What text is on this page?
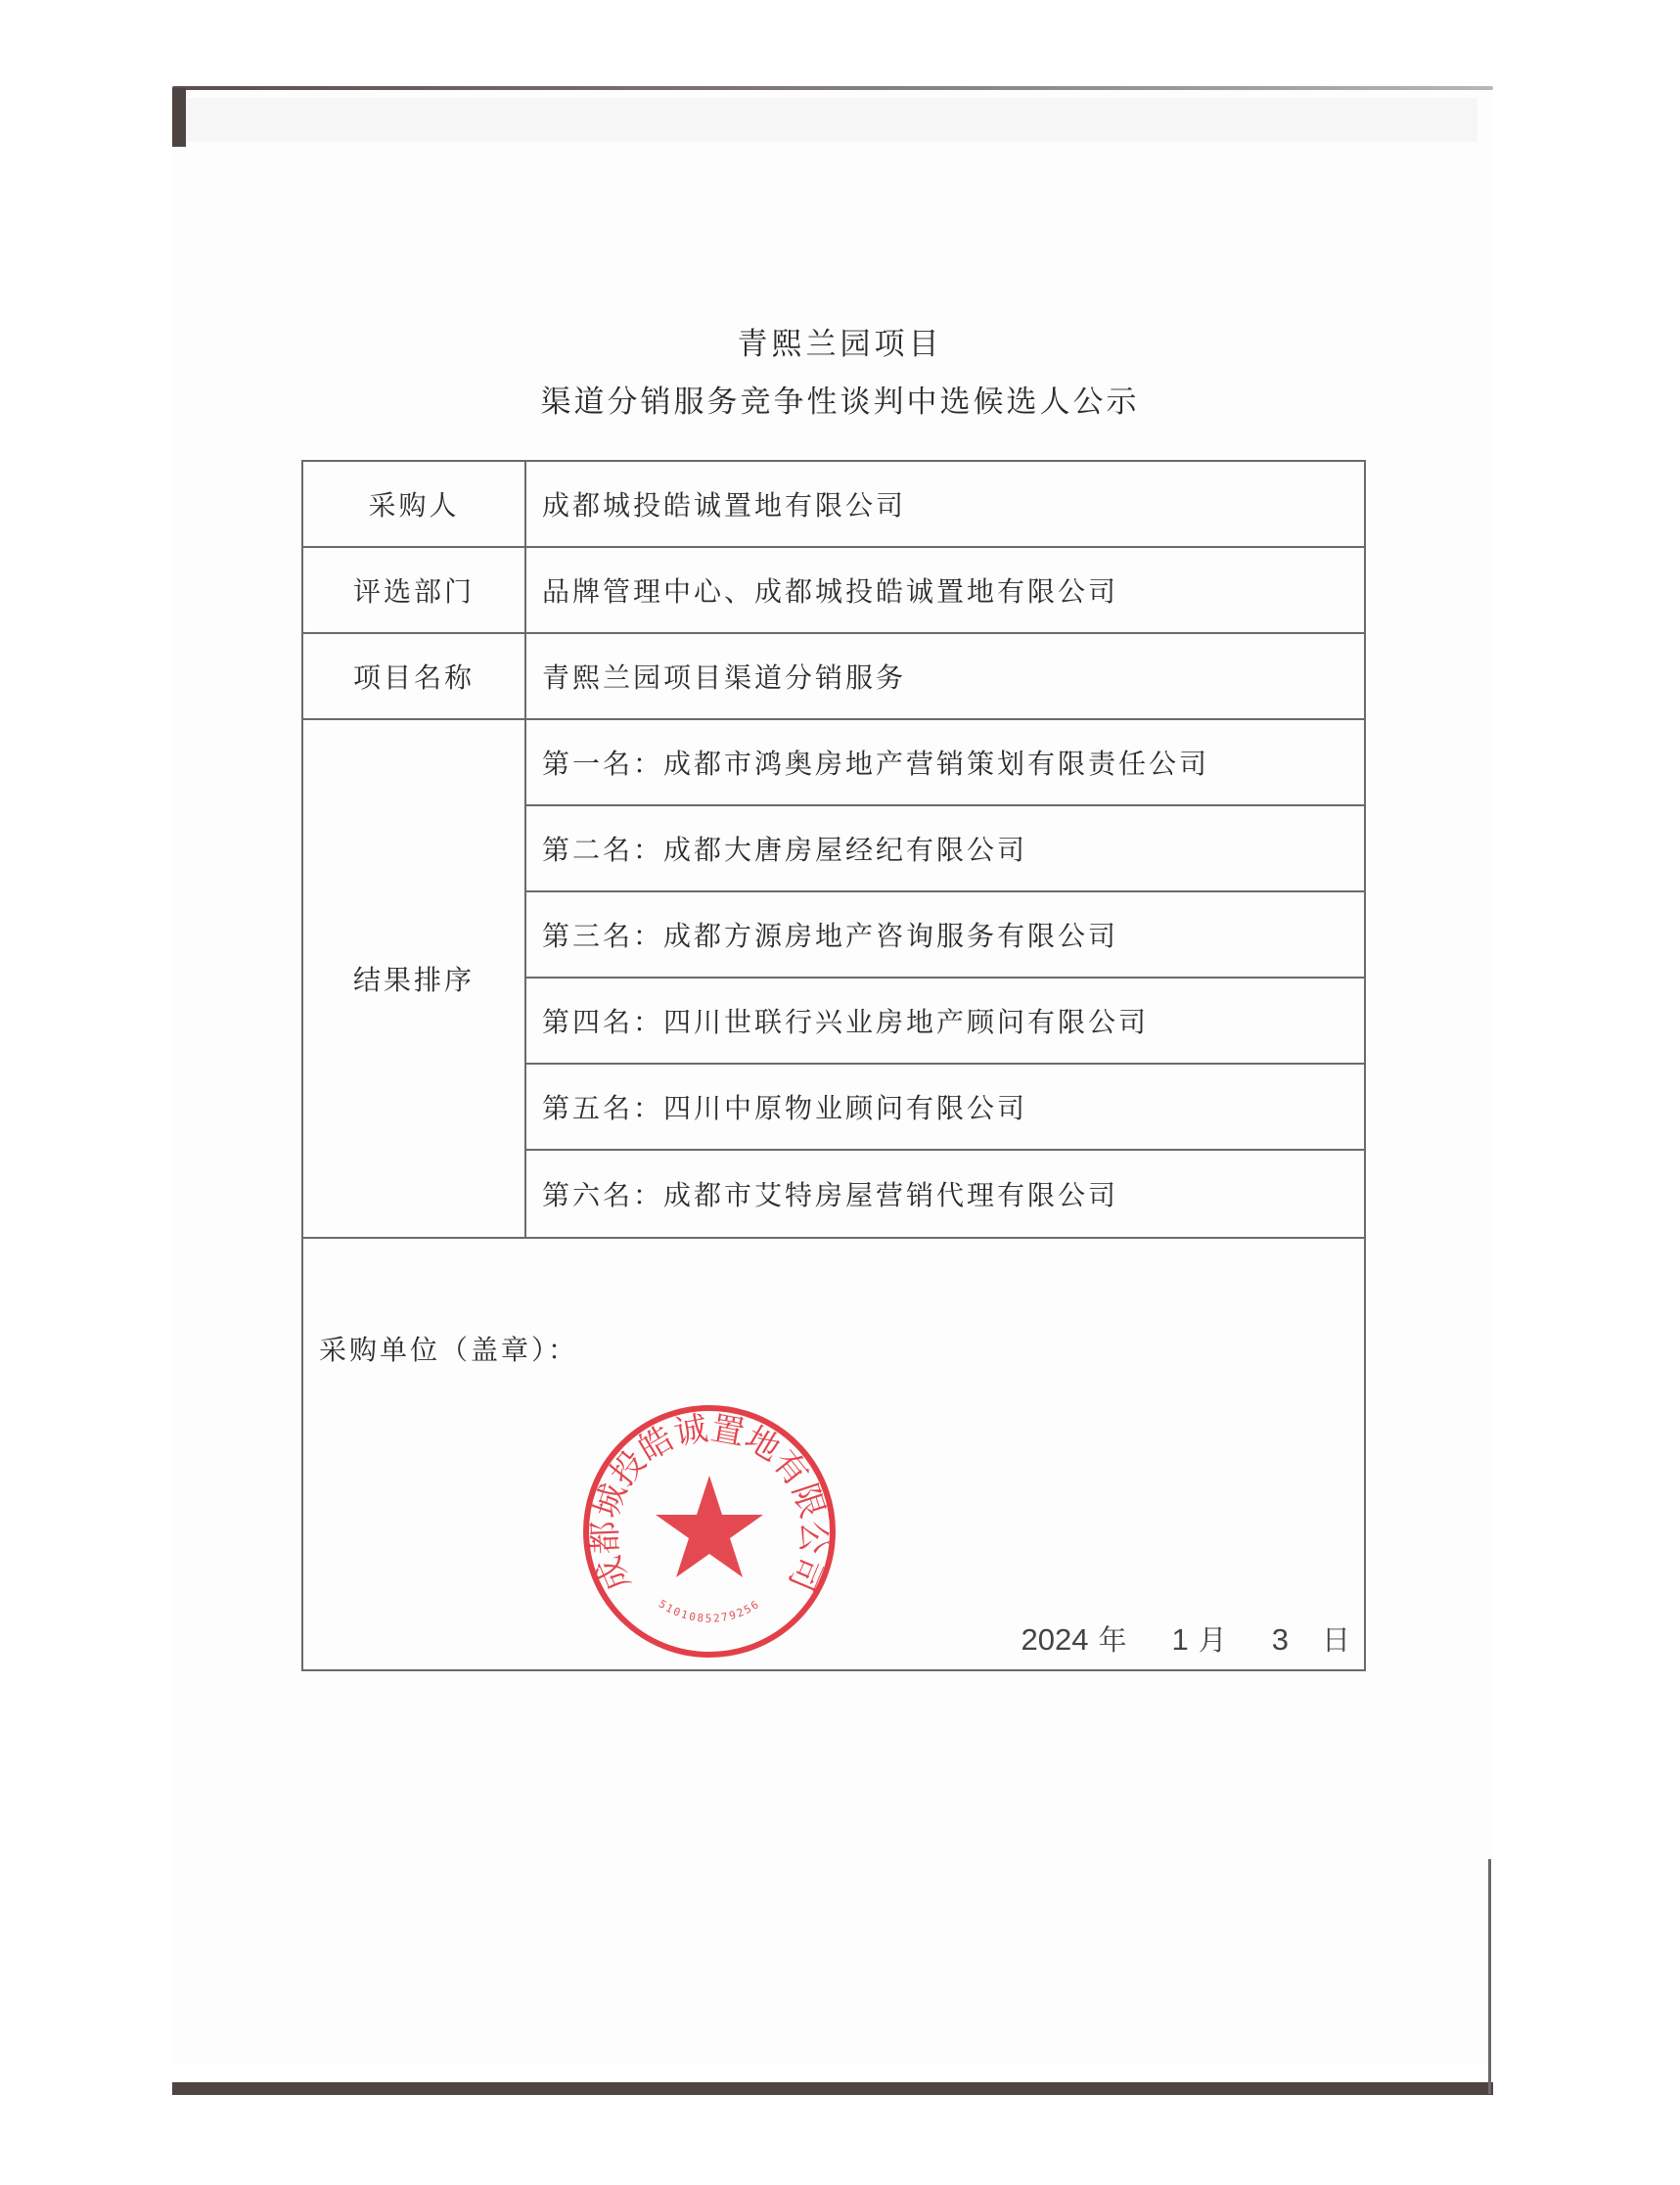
青熙兰园项目
渠道分销服务竞争性谈判中选候选人公示
采购人	成都城投皓诚置地有限公司
评选部门	品牌管理中心、成都城投皓诚置地有限公司
项目名称	青熙兰园项目渠道分销服务
结果排序
第一名：成都市鸿奥房地产营销策划有限责任公司
第二名：成都大唐房屋经纪有限公司
第三名：成都方源房地产咨询服务有限公司
第四名：四川世联行兴业房地产顾问有限公司
第五名：四川中原物业顾问有限公司
第六名：成都市艾特房屋营销代理有限公司
采购单位（盖章）：
2024 年 1 月 3 日
成都城投皓诚置地有限公司
5101085279256
